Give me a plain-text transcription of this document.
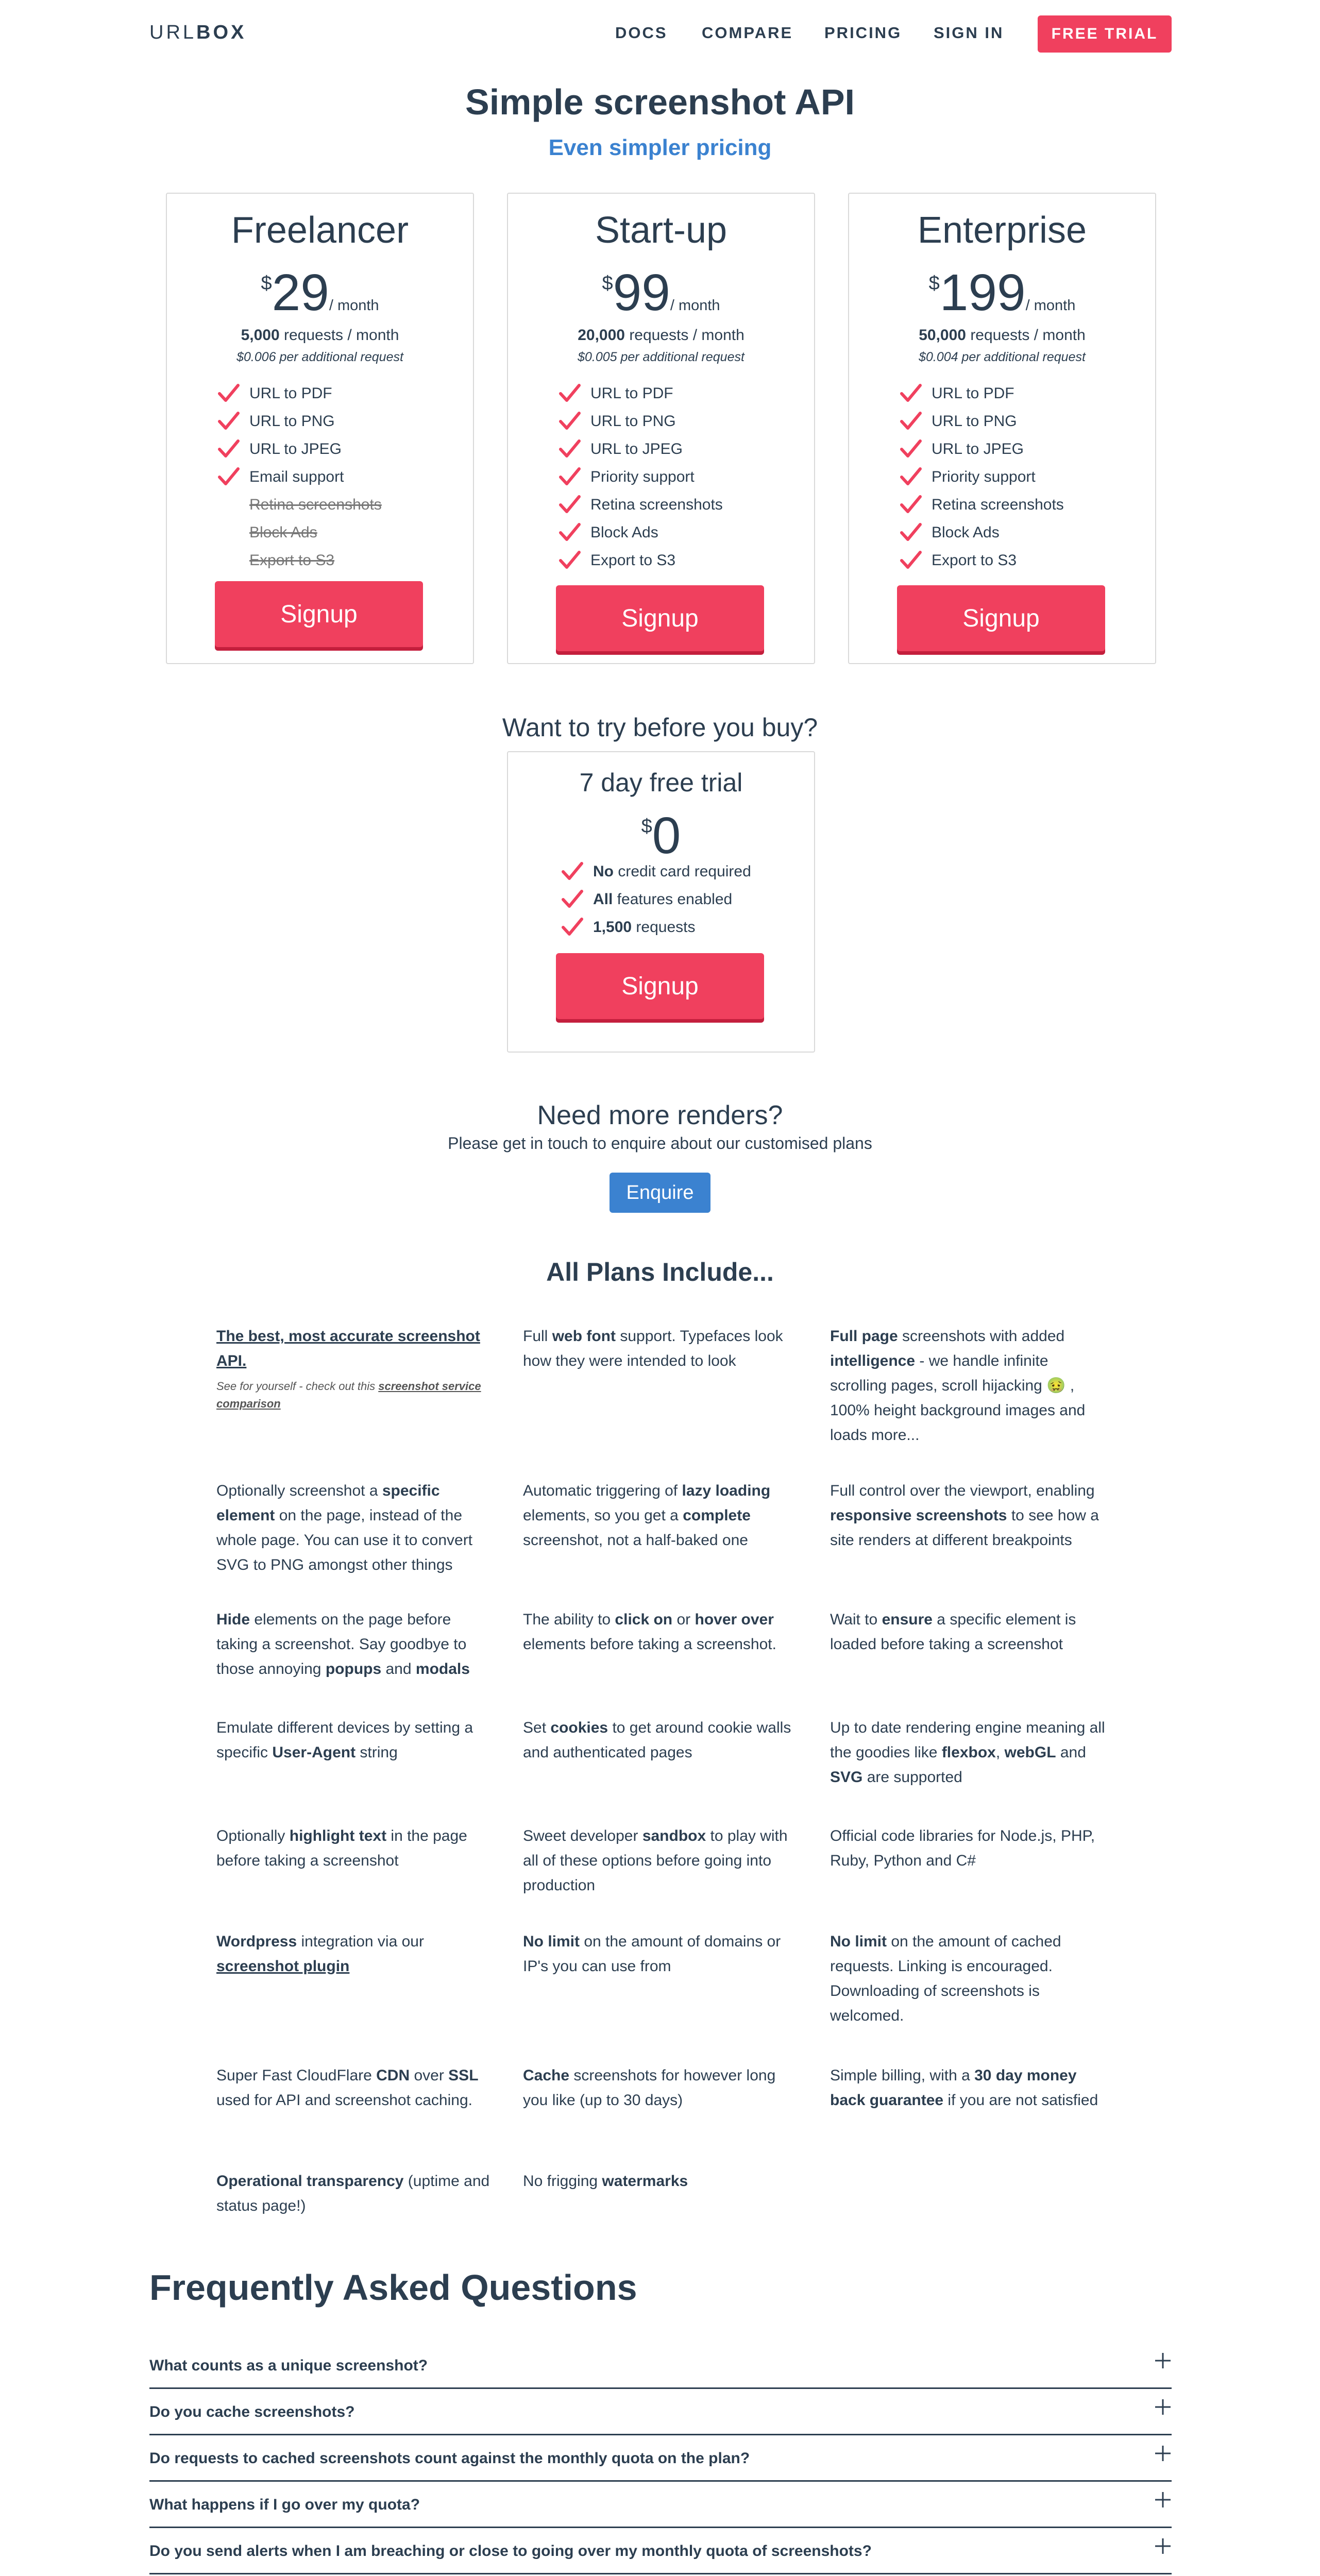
URLBOX	DOCS COMPARE PRICING SIGN IN	FREE TRIAL
Simple screenshot API
Even simpler pricing
Freelancer
$29/ month
5,000 requests / month
$0.006 per additional request
URL to PDF
URL to PNG
URL to JPEG
Email support
Retina screenshots
Block Ads
Export to S3
Signup
Start-up
$99/ month
20,000 requests / month
$0.005 per additional request
URL to PDF
URL to PNG
URL to JPEG
Priority support
Retina screenshots
Block Ads
Export to S3
Signup
Enterprise
$199/ month
50,000 requests / month
$0.004 per additional request
URL to PDF
URL to PNG
URL to JPEG
Priority support
Retina screenshots
Block Ads
Export to S3
Signup
Want to try before you buy?
7 day free trial
$0
No credit card required
All features enabled
1,500 requests
Signup
Need more renders?
Please get in touch to enquire about our customised plans
Enquire
All Plans Include...
The best, most accurate screenshot API.
See for yourself - check out this screenshot service comparison
Full web font support. Typefaces look how they were intended to look
Full page screenshots with added intelligence - we handle infinite scrolling pages, scroll hijacking 🤢 , 100% height background images and loads more...
Optionally screenshot a specific element on the page, instead of the whole page. You can use it to convert SVG to PNG amongst other things
Automatic triggering of lazy loading elements, so you get a complete screenshot, not a half-baked one
Full control over the viewport, enabling responsive screenshots to see how a site renders at different breakpoints
Hide elements on the page before taking a screenshot. Say goodbye to those annoying popups and modals
The ability to click on or hover over elements before taking a screenshot.
Wait to ensure a specific element is loaded before taking a screenshot
Emulate different devices by setting a specific User-Agent string
Set cookies to get around cookie walls and authenticated pages
Up to date rendering engine meaning all the goodies like flexbox, webGL and SVG are supported
Optionally highlight text in the page before taking a screenshot
Sweet developer sandbox to play with all of these options before going into production
Official code libraries for Node.js, PHP, Ruby, Python and C#
Wordpress integration via our screenshot plugin
No limit on the amount of domains or IP's you can use from
No limit on the amount of cached requests. Linking is encouraged. Downloading of screenshots is welcomed.
Super Fast CloudFlare CDN over SSL used for API and screenshot caching.
Cache screenshots for however long you like (up to 30 days)
Simple billing, with a 30 day money back guarantee if you are not satisfied
Operational transparency (uptime and status page!)
No frigging watermarks
Frequently Asked Questions
What counts as a unique screenshot?
Do you cache screenshots?
Do requests to cached screenshots count against the monthly quota on the plan?
What happens if I go over my quota?
Do you send alerts when I am breaching or close to going over my monthly quota of screenshots?
